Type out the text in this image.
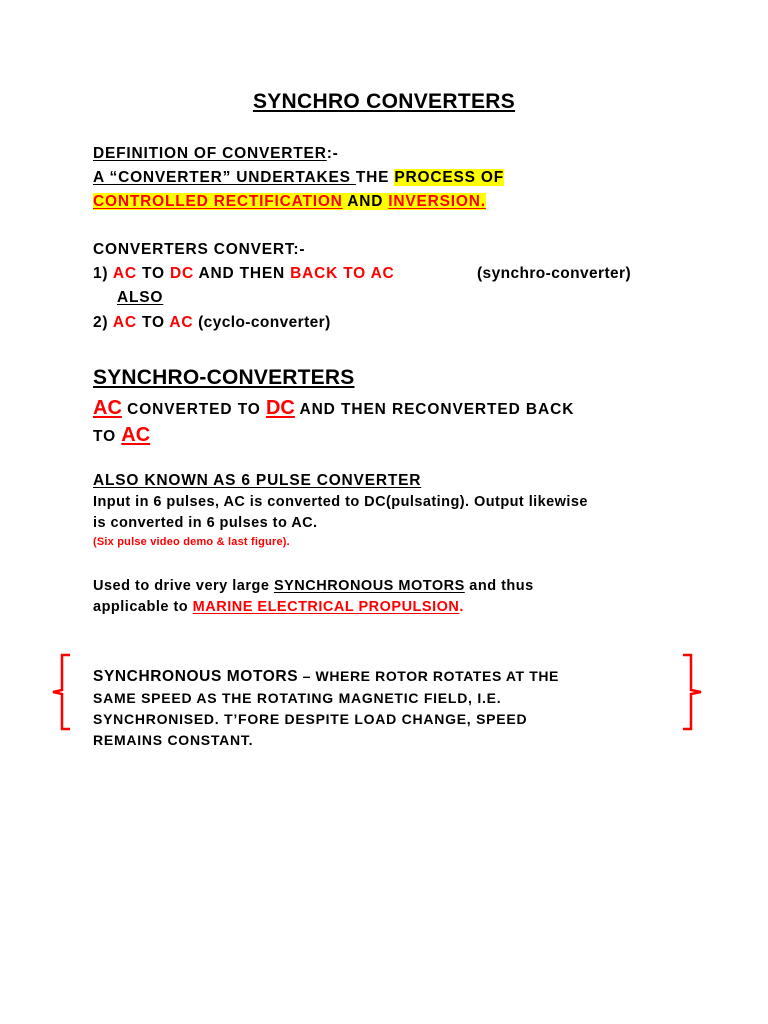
SYNCHRO CONVERTERS
DEFINITION OF CONVERTER:-
A “CONVERTER” UNDERTAKES THE PROCESS OF
CONTROLLED RECTIFICATION AND INVERSION.
CONVERTERS CONVERT:-
1) AC TO DC AND THEN BACK TO AC	(synchro-converter)
ALSO
2) AC TO AC (cyclo-converter)
SYNCHRO-CONVERTERS
AC CONVERTED TO DC AND THEN RECONVERTED BACK
TO AC
ALSO KNOWN AS 6 PULSE CONVERTER
Input in 6 pulses, AC is converted to DC(pulsating). Output likewise
is converted in 6 pulses to AC.
(Six pulse video demo & last figure).
Used to drive very large SYNCHRONOUS MOTORS and thus
applicable to MARINE ELECTRICAL PROPULSION.
SYNCHRONOUS MOTORS – WHERE ROTOR ROTATES AT THE
SAME SPEED AS THE ROTATING MAGNETIC FIELD, I.E.
SYNCHRONISED. T’FORE DESPITE LOAD CHANGE, SPEED
REMAINS CONSTANT.
